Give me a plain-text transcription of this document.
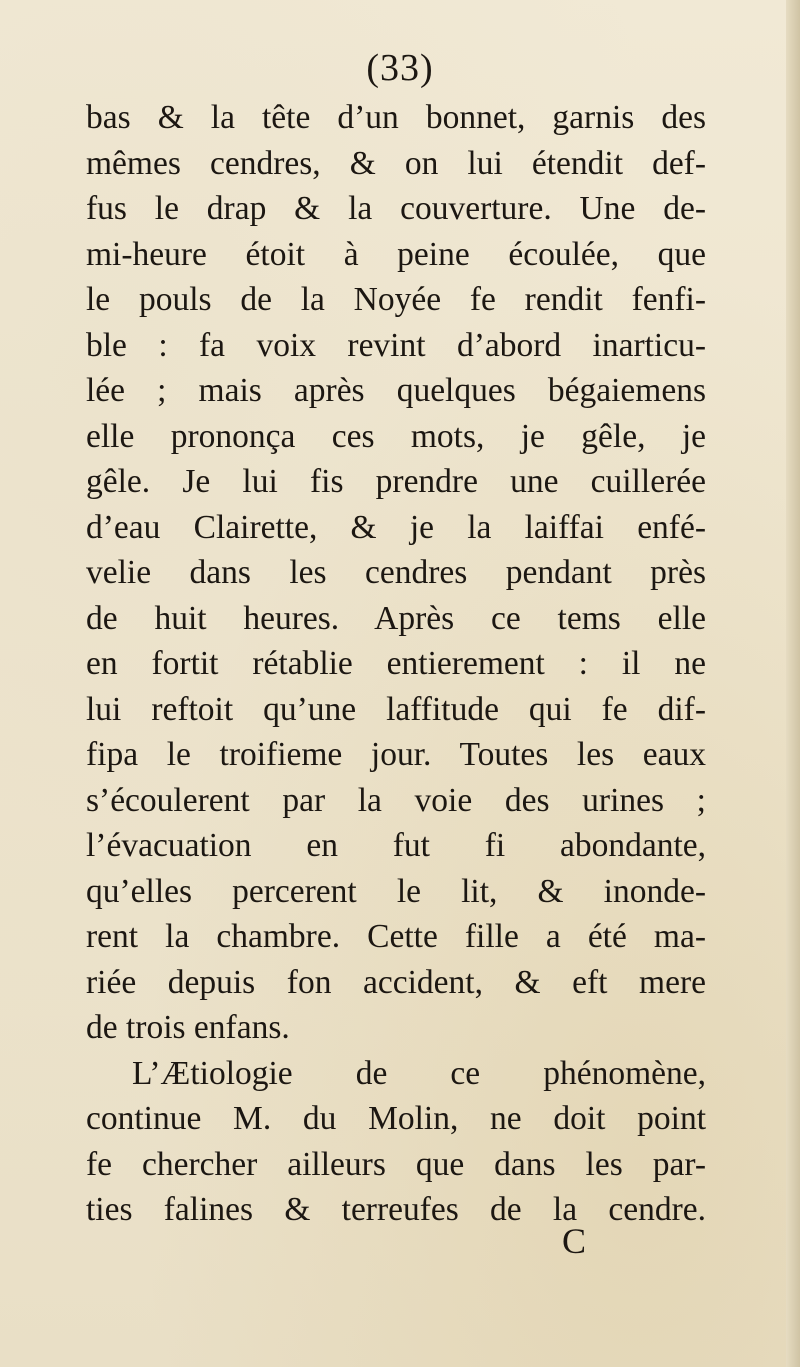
(33)
bas & la tête d’un bonnet, garnis des
mêmes cendres, & on lui étendit def-
fus le drap & la couverture. Une de-
mi-heure étoit à peine écoulée, que
le pouls de la Noyée fe rendit fenfi-
ble : fa voix revint d’abord inarticu-
lée ; mais après quelques bégaiemens
elle prononça ces mots, je gêle, je
gêle. Je lui fis prendre une cuillerée
d’eau Clairette, & je la laiffai enfé-
velie dans les cendres pendant près
de huit heures. Après ce tems elle
en fortit rétablie entierement : il ne
lui reftoit qu’une laffitude qui fe dif-
fipa le troifieme jour. Toutes les eaux
s’écoulerent par la voie des urines ;
l’évacuation en fut fi abondante,
qu’elles percerent le lit, & inonde-
rent la chambre. Cette fille a été ma-
riée depuis fon accident, & eft mere
de trois enfans.
L’Ætiologie de ce phénomène,
continue M. du Molin, ne doit point
fe chercher ailleurs que dans les par-
ties falines & terreufes de la cendre.
C
